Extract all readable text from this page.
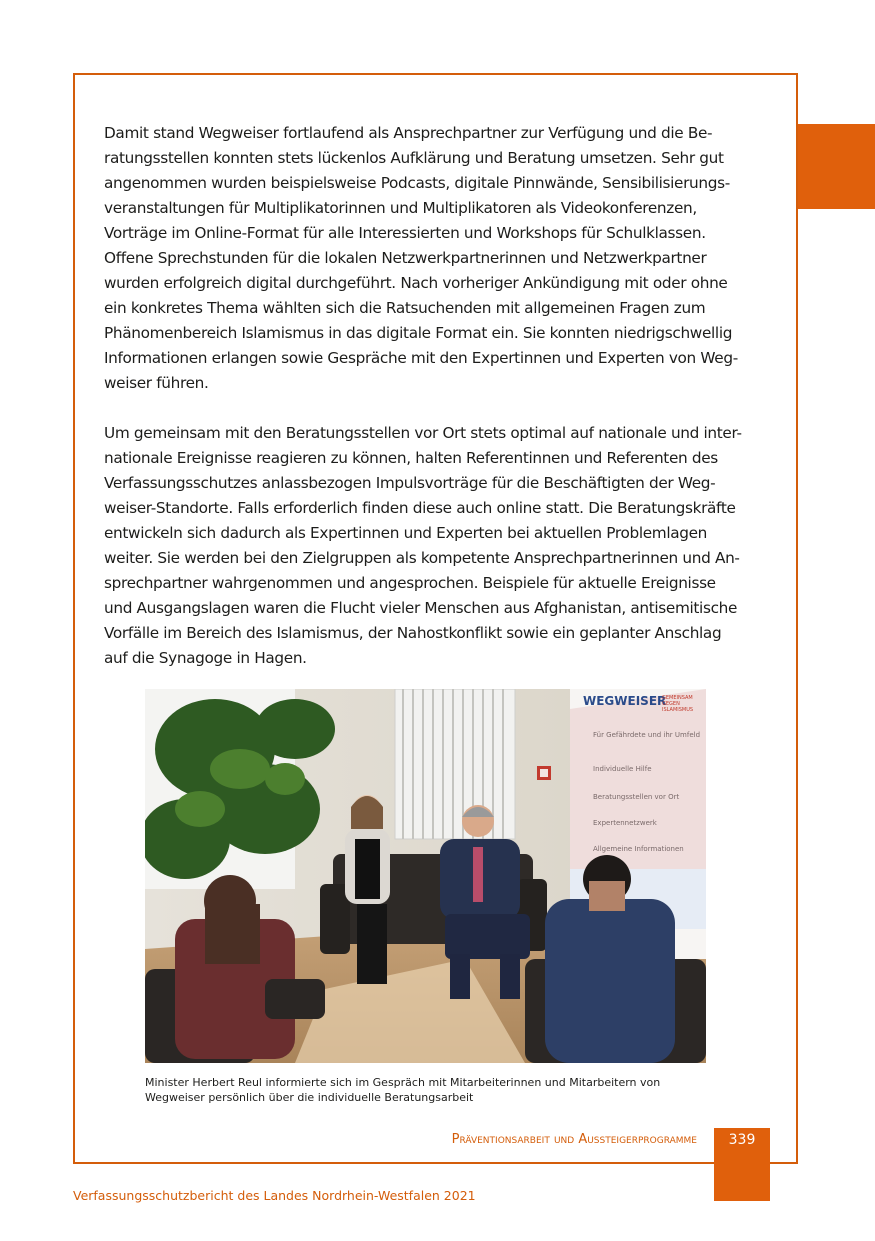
Damit stand Wegweiser fortlaufend als Ansprechpartner zur Verfügung und die Be-
ratungsstellen konnten stets lückenlos Aufklärung und Beratung umsetzen. Sehr gut
angenommen wurden beispielsweise Podcasts, digitale Pinnwände, Sensibilisierungs-
veranstaltungen für Multiplikatorinnen und Multiplikatoren als Videokonferenzen,
Vorträge im Online-Format für alle Interessierten und Workshops für Schulklassen.
Offene Sprechstunden für die lokalen Netzwerkpartnerinnen und Netzwerkpartner
wurden erfolgreich digital durchgeführt. Nach vorheriger Ankündigung mit oder ohne
ein konkretes Thema wählten sich die Ratsuchenden mit allgemeinen Fragen zum
Phänomenbereich Islamismus in das digitale Format ein. Sie konnten niedrigschwellig
Informationen erlangen sowie Gespräche mit den Expertinnen und Experten von Weg-
weiser führen.

Um gemeinsam mit den Beratungsstellen vor Ort stets optimal auf nationale und inter-
nationale Ereignisse reagieren zu können, halten Referentinnen und Referenten des
Verfassungsschutzes anlassbezogen Impulsvorträge für die Beschäftigten der Weg-
weiser-Standorte. Falls erforderlich finden diese auch online statt. Die Beratungskräfte
entwickeln sich dadurch als Expertinnen und Experten bei aktuellen Problemlagen
weiter. Sie werden bei den Zielgruppen als kompetente Ansprechpartnerinnen und An-
sprechpartner wahrgenommen und angesprochen. Beispiele für aktuelle Ereignisse
und Ausgangslagen waren die Flucht vieler Menschen aus Afghanistan, antisemitische
Vorfälle im Bereich des Islamismus, der Nahostkonflikt sowie ein geplanter Anschlag
auf die Synagoge in Hagen.

WEGWEISER
GEMEINSAM
GEGEN
ISLAMISMUS
Für Gefährdete und ihr Umfeld
Individuelle Hilfe
Beratungsstellen vor Ort
Expertennetzwerk
Allgemeine Informationen
Minister Herbert Reul informierte sich im Gespräch mit Mitarbeiterinnen und Mitarbeitern von
Wegweiser persönlich über die individuelle Beratungsarbeit
Präventionsarbeit und Aussteigerprogramme	339
Verfassungsschutzbericht des Landes Nordrhein-Westfalen 2021
